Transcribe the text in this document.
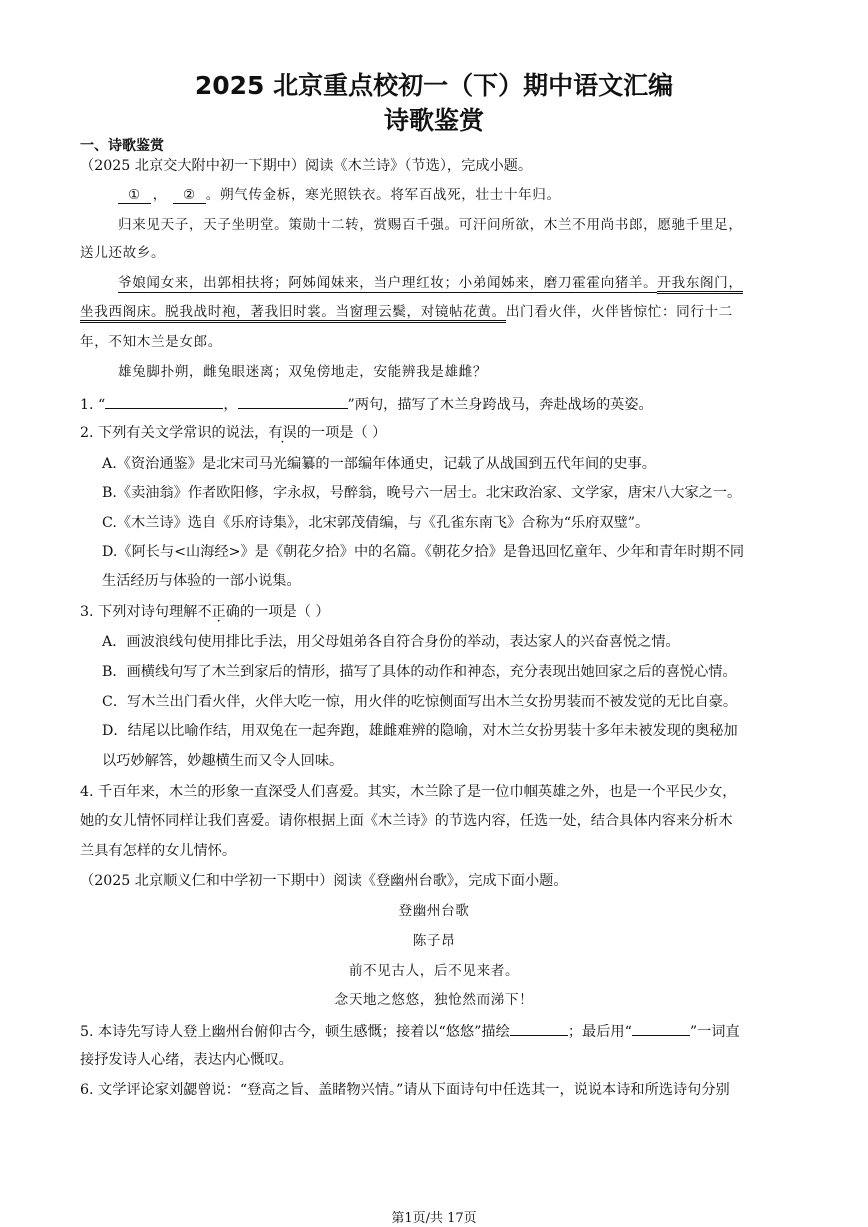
2025 北京重点校初一（下）期中语文汇编
诗歌鉴赏
一、诗歌鉴赏
（2025 北京交大附中初一下期中）阅读《木兰诗》（节选），完成小题。
① ， ② 。朔气传金柝，寒光照铁衣。将军百战死，壮士十年归。
归来见天子，天子坐明堂。策勋十二转，赏赐百千强。可汗问所欲，木兰不用尚书郎，愿驰千里足，
送儿还故乡。
爷娘闻女来，出郭相扶将；阿姊闻妹来，当户理红妆；小弟闻姊来，磨刀霍霍向猪羊。开我东阁门，
坐我西阁床。脱我战时袍，著我旧时裳。当窗理云鬓，对镜帖花黄。出门看火伴，火伴皆惊忙：同行十二
年，不知木兰是女郎。
雄兔脚扑朔，雌兔眼迷离；双兔傍地走，安能辨我是雄雌？
1. “	，	”两句，描写了木兰身跨战马，奔赴战场的英姿。
2. 下列有关文学常识的说法，有误的一项是（ ）
A.《资治通鉴》是北宋司马光编纂的一部编年体通史，记载了从战国到五代年间的史事。
B.《卖油翁》作者欧阳修，字永叔，号醉翁，晚号六一居士。北宋政治家、文学家，唐宋八大家之一。
C.《木兰诗》选自《乐府诗集》，北宋郭茂倩编，与《孔雀东南飞》合称为“乐府双璧”。
D.《阿长与<山海经>》是《朝花夕拾》中的名篇。《朝花夕拾》是鲁迅回忆童年、少年和青年时期不同
生活经历与体验的一部小说集。
3. 下列对诗句理解不正确的一项是（ ）
A．画波浪线句使用排比手法，用父母姐弟各自符合身份的举动，表达家人的兴奋喜悦之情。
B．画横线句写了木兰到家后的情形，描写了具体的动作和神态，充分表现出她回家之后的喜悦心情。
C．写木兰出门看火伴，火伴大吃一惊，用火伴的吃惊侧面写出木兰女扮男装而不被发觉的无比自豪。
D．结尾以比喻作结，用双兔在一起奔跑，雄雌难辨的隐喻，对木兰女扮男装十多年未被发现的奥秘加
以巧妙解答，妙趣横生而又令人回味。
4. 千百年来，木兰的形象一直深受人们喜爱。其实，木兰除了是一位巾帼英雄之外，也是一个平民少女，
她的女儿情怀同样让我们喜爱。请你根据上面《木兰诗》的节选内容，任选一处，结合具体内容来分析木
兰具有怎样的女儿情怀。
（2025 北京顺义仁和中学初一下期中）阅读《登幽州台歌》，完成下面小题。
登幽州台歌
陈子昂
前不见古人，后不见来者。
念天地之悠悠，独怆然而涕下！
5. 本诗先写诗人登上幽州台俯仰古今，顿生感慨；接着以“悠悠”描绘	；最后用“	”一词直
接抒发诗人心绪，表达内心慨叹。
6. 文学评论家刘勰曾说：“登高之旨、盖睹物兴情。”请从下面诗句中任选其一，说说本诗和所选诗句分别
第1页/共 17页
